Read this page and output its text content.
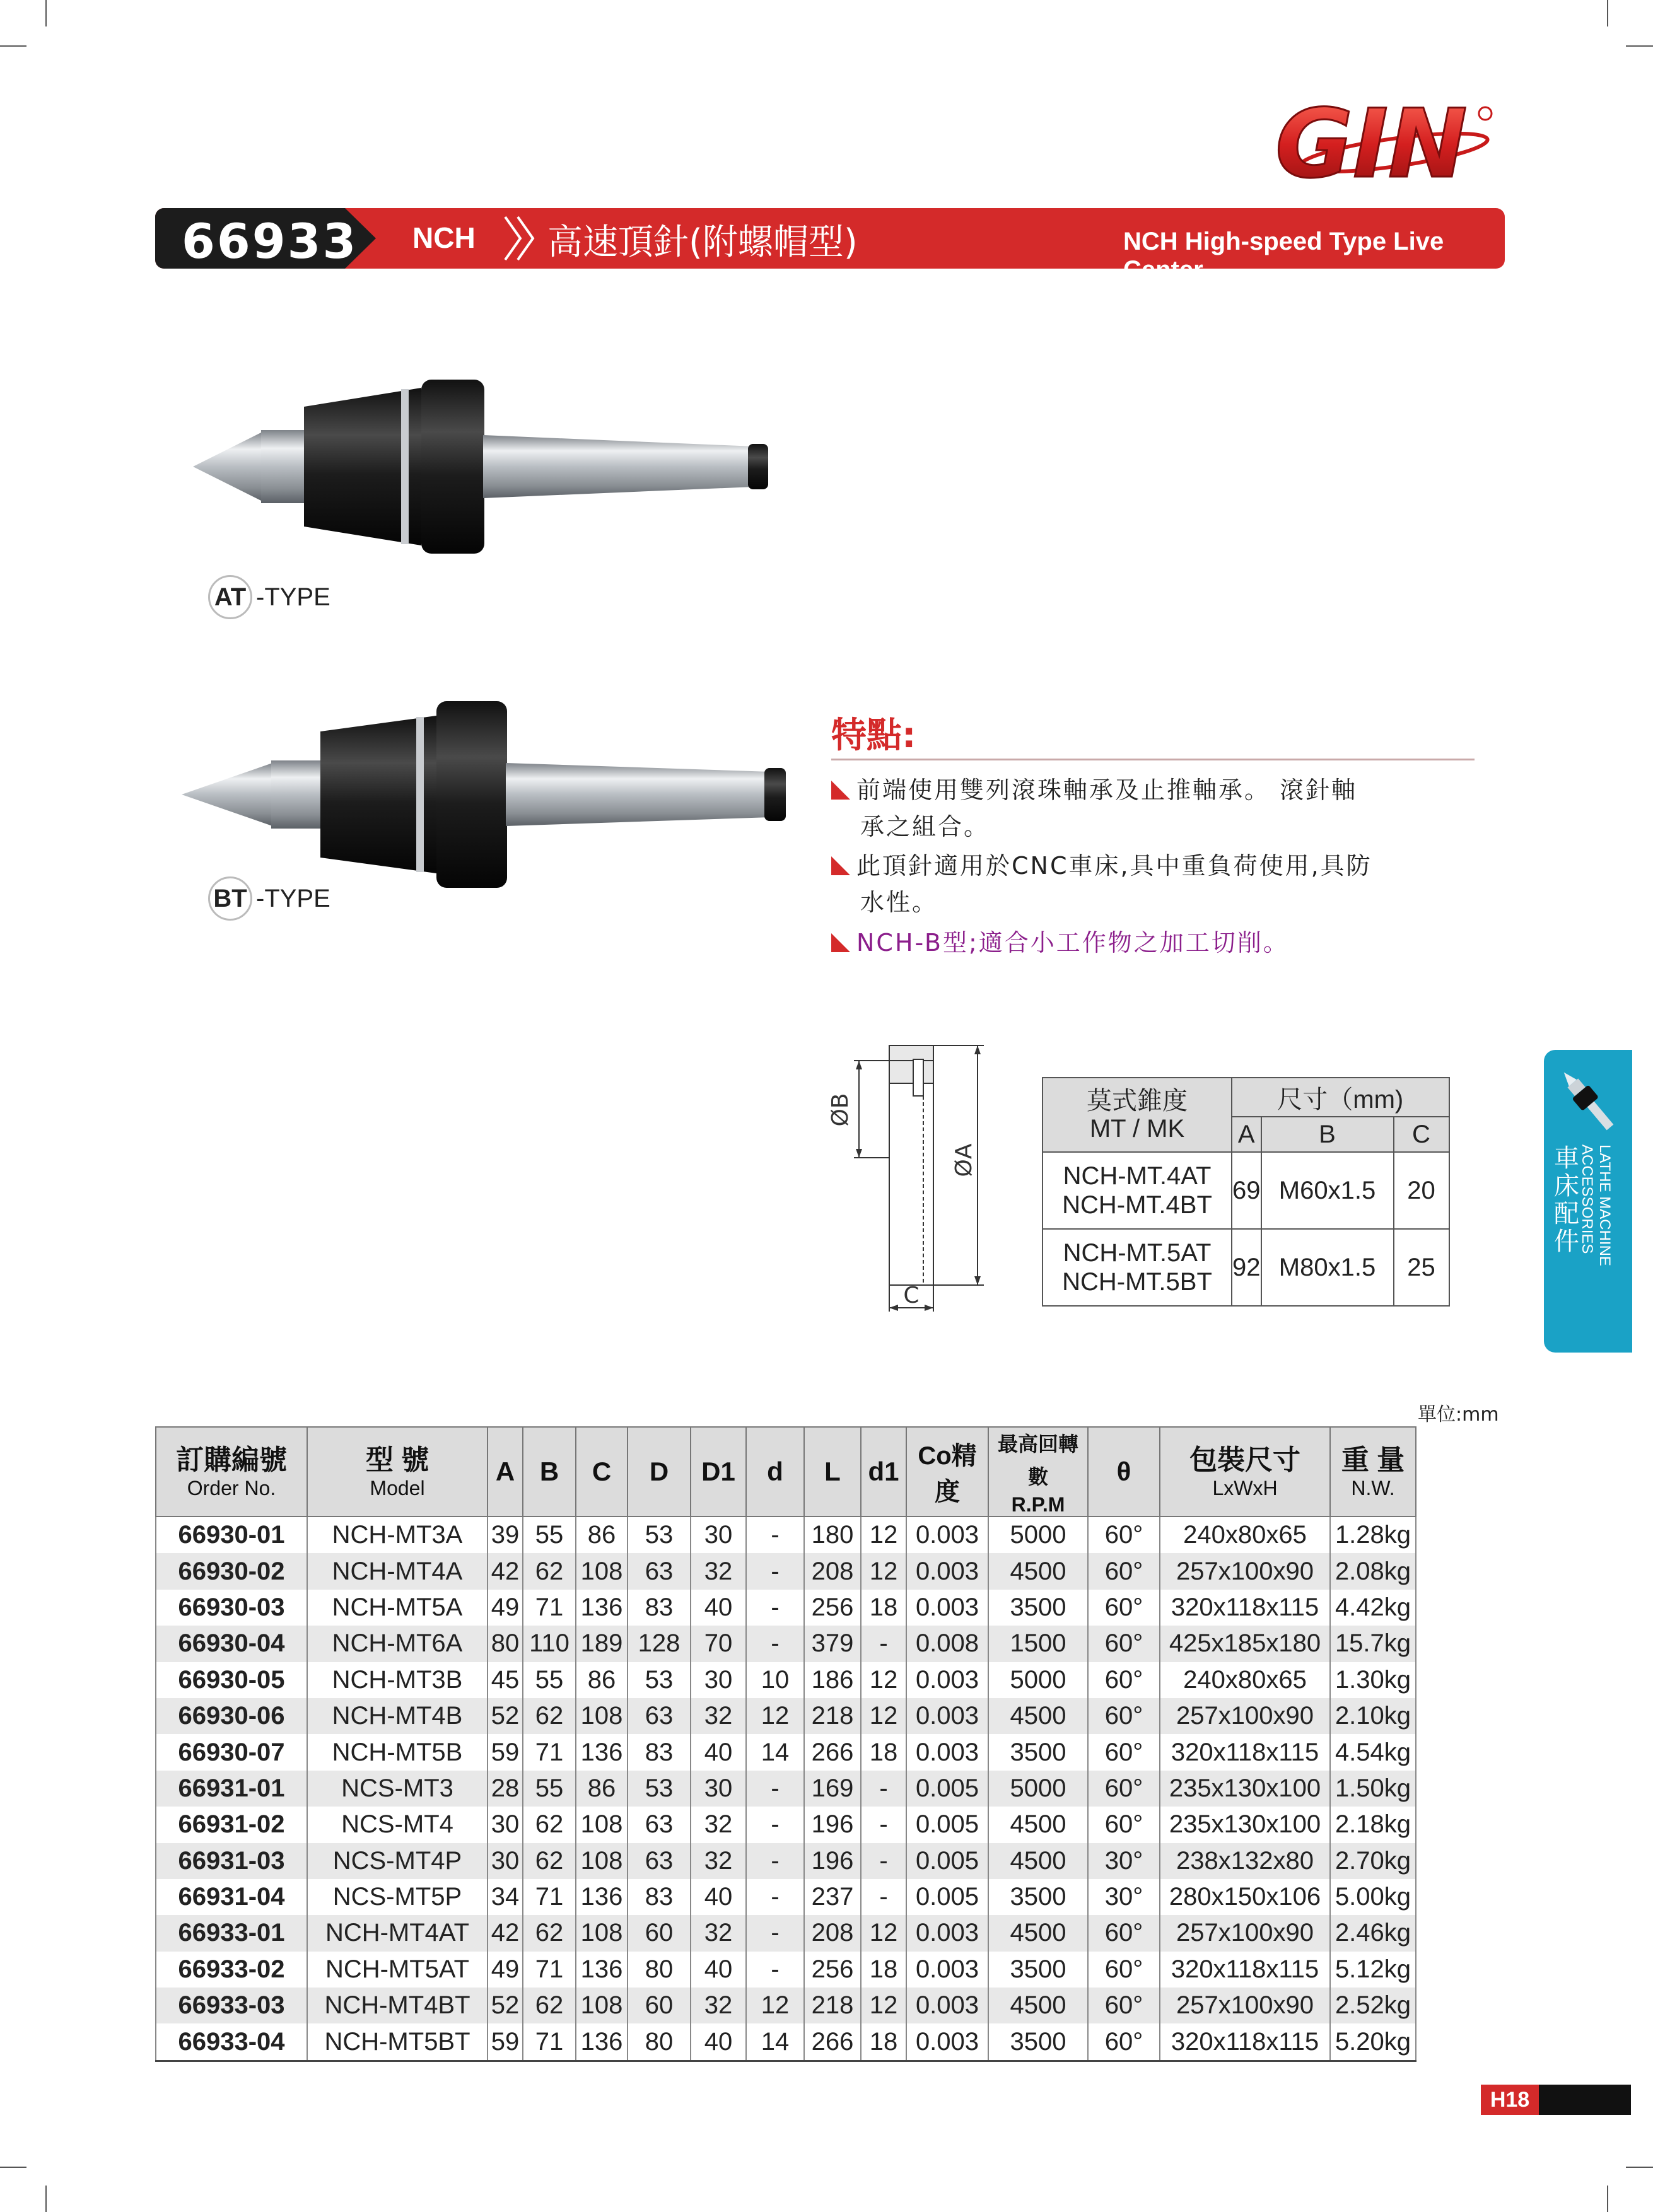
GIN
66933 NCH 高速頂針(附螺帽型)	NCH High-speed Type Live Center
AT -TYPE
BT -TYPE
特點:
前端使用雙列滾珠軸承及止推軸承。 滾針軸
承之組合。
此頂針適用於CNC車床,具中重負荷使用,具防
水性。
NCH-B型;適合小工作物之加工切削。
ØB
ØA
C
莫式錐度
MT / MK	尺寸（mm)		
	A	B	C

NCH-MT.4AT
NCH-MT.4BT	69	M60x1.5	20

NCH-MT.5AT
NCH-MT.5BT	92	M80x1.5	25
車床配件	LATHE MACHINE ACCESSORIES
單位:mm
訂購編號
Order No.	型 號
Model	A	B	C	D	D1	d	L	d1	Co精度	最高回轉數
R.P.M	θ	包裝尺寸
LxWxH	重 量
N.W.

66930-01	NCH-MT3A	39	55	86	53	30	-	180	12	0.003	5000	60°	240x80x65	1.28kg
66930-02	NCH-MT4A	42	62	108	63	32	-	208	12	0.003	4500	60°	257x100x90	2.08kg
66930-03	NCH-MT5A	49	71	136	83	40	-	256	18	0.003	3500	60°	320x118x115	4.42kg
66930-04	NCH-MT6A	80	110	189	128	70	-	379	-	0.008	1500	60°	425x185x180	15.7kg
66930-05	NCH-MT3B	45	55	86	53	30	10	186	12	0.003	5000	60°	240x80x65	1.30kg
66930-06	NCH-MT4B	52	62	108	63	32	12	218	12	0.003	4500	60°	257x100x90	2.10kg
66930-07	NCH-MT5B	59	71	136	83	40	14	266	18	0.003	3500	60°	320x118x115	4.54kg
66931-01	NCS-MT3	28	55	86	53	30	-	169	-	0.005	5000	60°	235x130x100	1.50kg
66931-02	NCS-MT4	30	62	108	63	32	-	196	-	0.005	4500	60°	235x130x100	2.18kg
66931-03	NCS-MT4P	30	62	108	63	32	-	196	-	0.005	4500	30°	238x132x80	2.70kg
66931-04	NCS-MT5P	34	71	136	83	40	-	237	-	0.005	3500	30°	280x150x106	5.00kg
66933-01	NCH-MT4AT	42	62	108	60	32	-	208	12	0.003	4500	60°	257x100x90	2.46kg
66933-02	NCH-MT5AT	49	71	136	80	40	-	256	18	0.003	3500	60°	320x118x115	5.12kg
66933-03	NCH-MT4BT	52	62	108	60	32	12	218	12	0.003	4500	60°	257x100x90	2.52kg
66933-04	NCH-MT5BT	59	71	136	80	40	14	266	18	0.003	3500	60°	320x118x115	5.20kg
H18
